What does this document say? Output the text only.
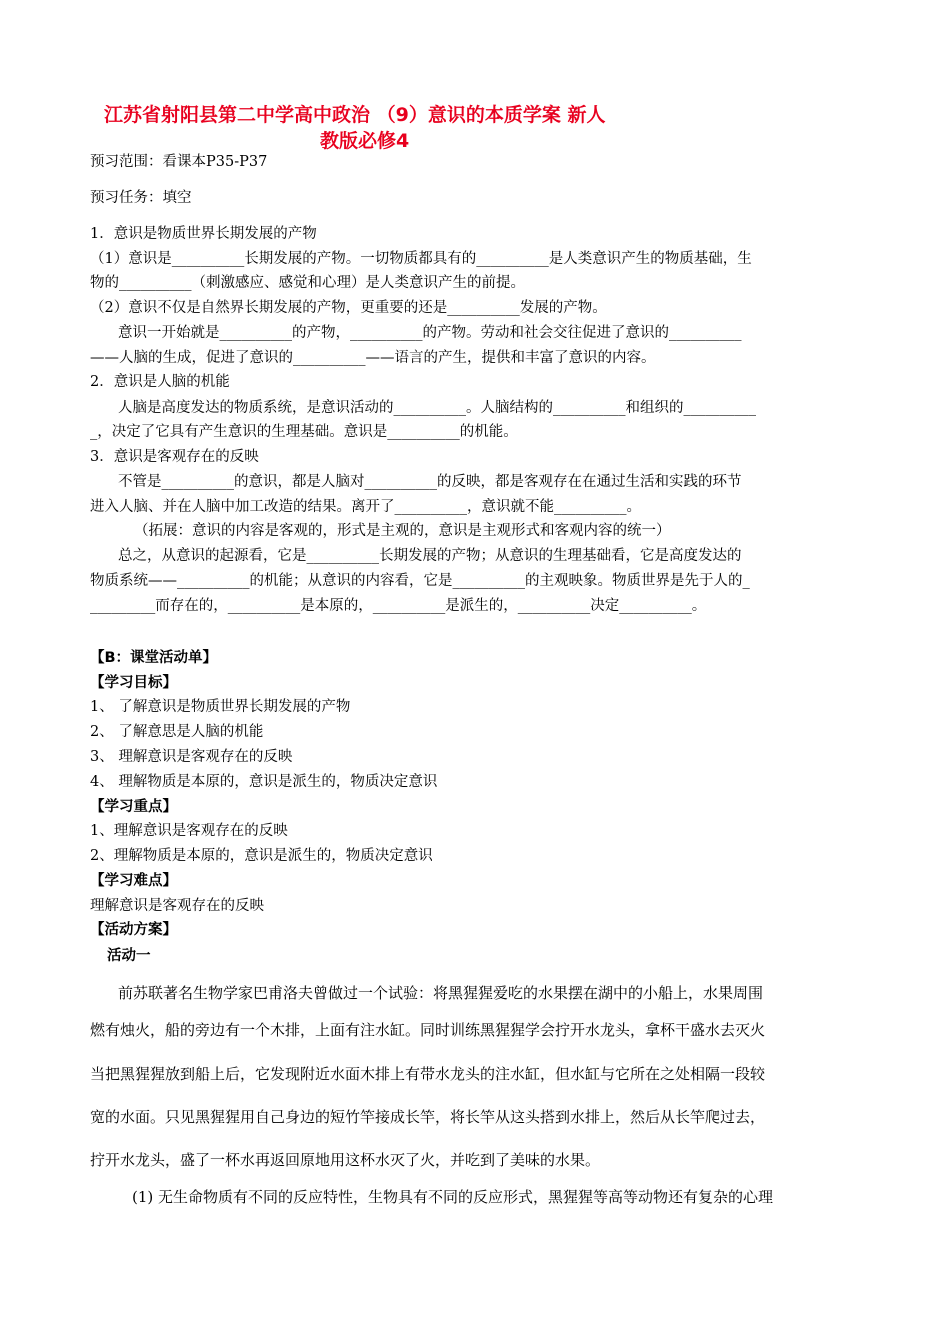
江苏省射阳县第二中学高中政治 （9）意识的本质学案 新人
教版必修4
预习范围：看课本P35-P37
预习任务：填空
1．意识是物质世界长期发展的产物
（1）意识是__________长期发展的产物。一切物质都具有的__________是人类意识产生的物质基础，生
物的__________（刺激感应、感觉和心理）是人类意识产生的前提。
（2）意识不仅是自然界长期发展的产物，更重要的还是__________发展的产物。
意识一开始就是__________的产物，__________的产物。劳动和社会交往促进了意识的__________
——人脑的生成，促进了意识的__________——语言的产生，提供和丰富了意识的内容。
2．意识是人脑的机能
人脑是高度发达的物质系统，是意识活动的__________。人脑结构的__________和组织的__________
_，决定了它具有产生意识的生理基础。意识是__________的机能。
3．意识是客观存在的反映
不管是__________的意识，都是人脑对__________的反映，都是客观存在在通过生活和实践的环节
进入人脑、并在人脑中加工改造的结果。离开了__________，意识就不能__________。
（拓展：意识的内容是客观的，形式是主观的，意识是主观形式和客观内容的统一）
总之，从意识的起源看，它是__________长期发展的产物；从意识的生理基础看，它是高度发达的
物质系统——__________的机能；从意识的内容看，它是__________的主观映象。物质世界是先于人的_
_________而存在的，__________是本原的，__________是派生的，__________决定__________。
【B：课堂活动单】
【学习目标】
1、 了解意识是物质世界长期发展的产物
2、 了解意思是人脑的机能
3、 理解意识是客观存在的反映
4、 理解物质是本原的，意识是派生的，物质决定意识
【学习重点】
1、理解意识是客观存在的反映
2、理解物质是本原的，意识是派生的，物质决定意识
【学习难点】
理解意识是客观存在的反映
【活动方案】
活动一
前苏联著名生物学家巴甫洛夫曾做过一个试验：将黑猩猩爱吃的水果摆在湖中的小船上，水果周围
燃有烛火，船的旁边有一个木排，上面有注水缸。同时训练黑猩猩学会拧开水龙头，拿杯干盛水去灭火
当把黑猩猩放到船上后，它发现附近水面木排上有带水龙头的注水缸，但水缸与它所在之处相隔一段较
宽的水面。只见黑猩猩用自己身边的短竹竿接成长竿，将长竿从这头搭到水排上，然后从长竿爬过去，
拧开水龙头，盛了一杯水再返回原地用这杯水灭了火，并吃到了美味的水果。
(1) 无生命物质有不同的反应特性，生物具有不同的反应形式，黑猩猩等高等动物还有复杂的心理
